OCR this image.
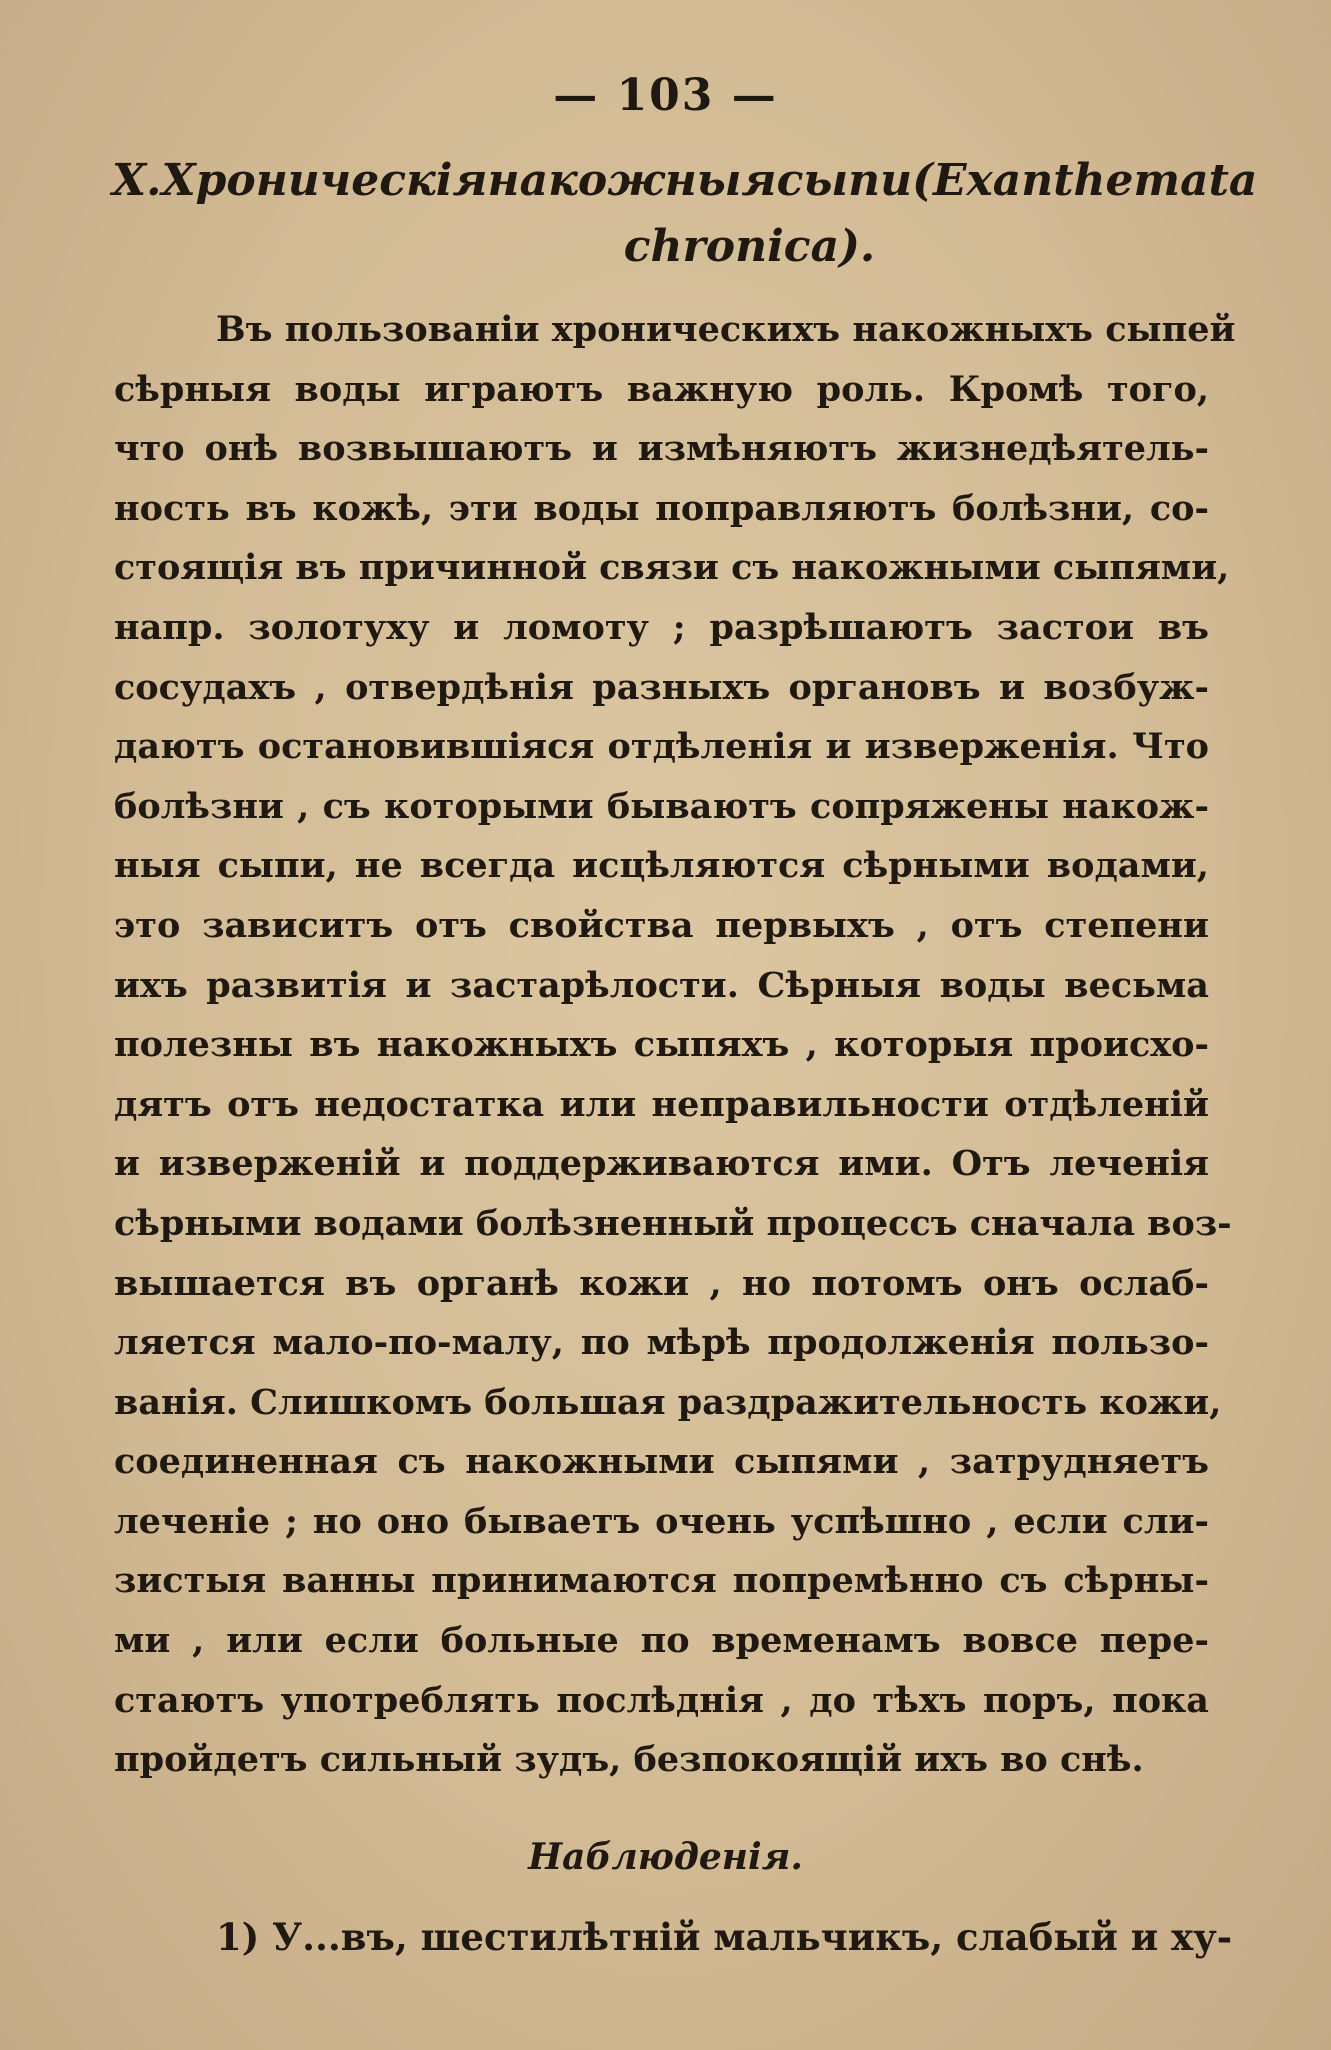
— 103 —
X. Хроническія накожныя сыпи (Exanthemata
chronica).
Въ пользованіи хроническихъ накожныхъ сыпей
сѣрныя воды играютъ важную роль. Кромѣ того,
что онѣ возвышаютъ и измѣняютъ жизнедѣятель-
ность въ кожѣ, эти воды поправляютъ болѣзни, со-
стоящія въ причинной связи съ накожными сыпями,
напр. золотуху и ломоту ; разрѣшаютъ застои въ
сосудахъ , отвердѣнія разныхъ органовъ и возбуж-
даютъ остановившіяся отдѣленія и изверженія. Что
болѣзни , съ которыми бываютъ сопряжены накож-
ныя сыпи, не всегда исцѣляются сѣрными водами,
это зависитъ отъ свойства первыхъ , отъ степени
ихъ развитія и застарѣлости. Сѣрныя воды весьма
полезны въ накожныхъ сыпяхъ , которыя происхо-
дятъ отъ недостатка или неправильности отдѣленій
и изверженій и поддерживаются ими. Отъ леченія
сѣрными водами болѣзненный процессъ сначала воз-
вышается въ органѣ кожи , но потомъ онъ ослаб-
ляется мало-по-малу, по мѣрѣ продолженія пользо-
ванія. Слишкомъ большая раздражительность кожи,
соединенная съ накожными сыпями , затрудняетъ
леченіе ; но оно бываетъ очень успѣшно , если сли-
зистыя ванны принимаются попремѣнно съ сѣрны-
ми , или если больные по временамъ вовсе пере-
стаютъ употреблять послѣднія , до тѣхъ поръ, пока
пройдетъ сильный зудъ, безпокоящій ихъ во снѣ.
Наблюденія.
1) У...въ, шестилѣтній мальчикъ, слабый и ху-
